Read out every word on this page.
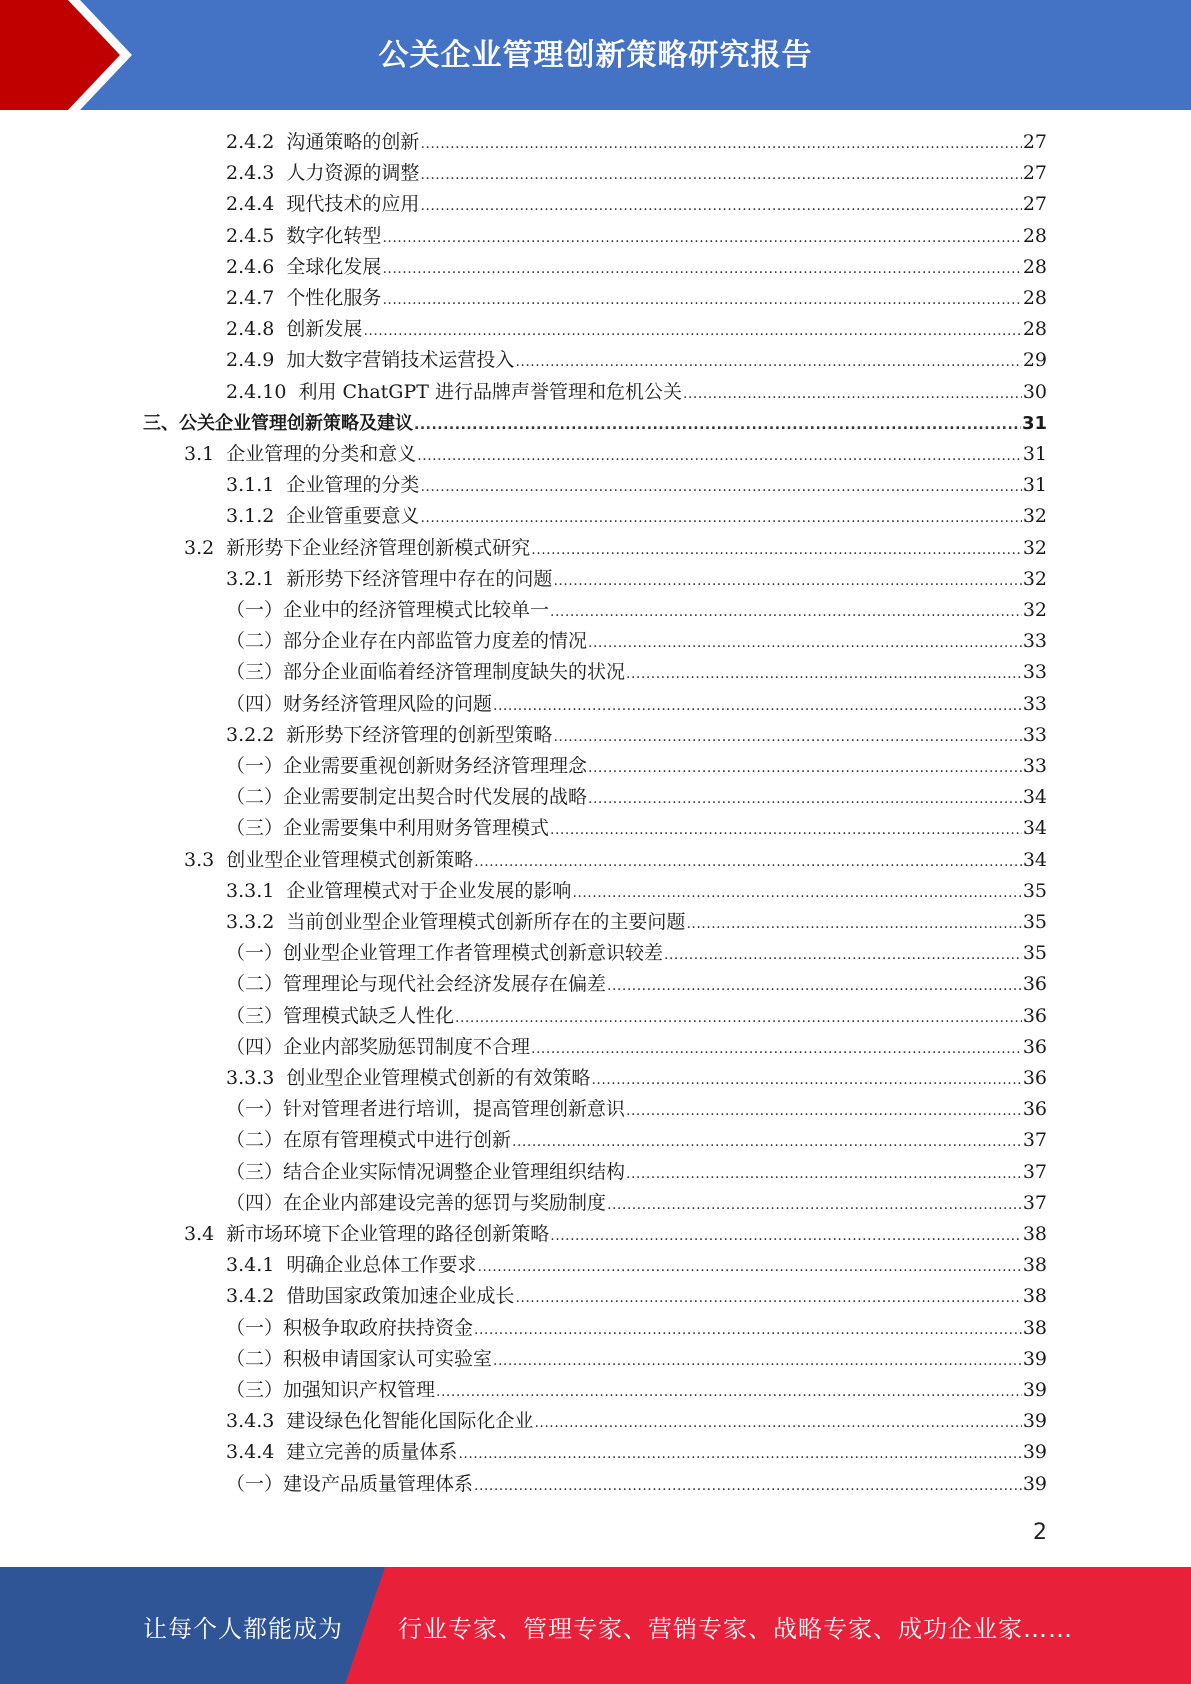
公关企业管理创新策略研究报告
2.4.2  沟通策略的创新 .....	27
2.4.3  人力资源的调整 .....	27
2.4.4  现代技术的应用 .....	27
2.4.5  数字化转型 .....	28
2.4.6  全球化发展 .....	28
2.4.7  个性化服务 .....	28
2.4.8  创新发展 .....	28
2.4.9  加大数字营销技术运营投入 .....	29
2.4.10  利用 ChatGPT 进行品牌声誉管理和危机公关 .....	30
三、公关企业管理创新策略及建议 .....	31
3.1  企业管理的分类和意义 .....	31
3.1.1  企业管理的分类 .....	31
3.1.2  企业管重要意义 .....	32
3.2  新形势下企业经济管理创新模式研究 .....	32
3.2.1  新形势下经济管理中存在的问题 .....	32
（一）企业中的经济管理模式比较单一 .....	32
（二）部分企业存在内部监管力度差的情况 .....	33
（三）部分企业面临着经济管理制度缺失的状况 .....	33
（四）财务经济管理风险的问题 .....	33
3.2.2  新形势下经济管理的创新型策略 .....	33
（一）企业需要重视创新财务经济管理理念 .....	33
（二）企业需要制定出契合时代发展的战略 .....	34
（三）企业需要集中利用财务管理模式 .....	34
3.3  创业型企业管理模式创新策略 .....	34
3.3.1  企业管理模式对于企业发展的影响 .....	35
3.3.2  当前创业型企业管理模式创新所存在的主要问题 .....	35
（一）创业型企业管理工作者管理模式创新意识较差 .....	35
（二）管理理论与现代社会经济发展存在偏差 .....	36
（三）管理模式缺乏人性化 .....	36
（四）企业内部奖励惩罚制度不合理 .....	36
3.3.3  创业型企业管理模式创新的有效策略 .....	36
（一）针对管理者进行培训，提高管理创新意识 .....	36
（二）在原有管理模式中进行创新 .....	37
（三）结合企业实际情况调整企业管理组织结构 .....	37
（四）在企业内部建设完善的惩罚与奖励制度 .....	37
3.4  新市场环境下企业管理的路径创新策略 .....	38
3.4.1  明确企业总体工作要求 .....	38
3.4.2  借助国家政策加速企业成长 .....	38
（一）积极争取政府扶持资金 .....	38
（二）积极申请国家认可实验室 .....	39
（三）加强知识产权管理 .....	39
3.4.3  建设绿色化智能化国际化企业 .....	39
3.4.4  建立完善的质量体系 .....	39
（一）建设产品质量管理体系 .....	39
2
让每个人都能成为 行业专家、管理专家、营销专家、战略专家、成功企业家……
